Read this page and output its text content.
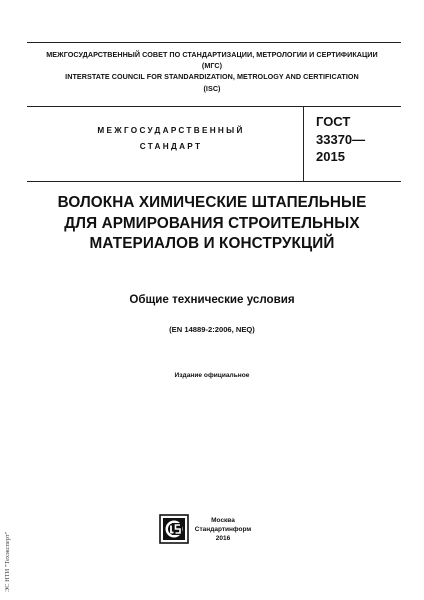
МЕЖГОСУДАРСТВЕННЫЙ СОВЕТ ПО СТАНДАРТИЗАЦИИ, МЕТРОЛОГИИ И СЕРТИФИКАЦИИ
(МГС)
INTERSTATE COUNCIL FOR STANDARDIZATION, METROLOGY AND CERTIFICATION
(ISC)
МЕЖГОСУДАРСТВЕННЫЙ
СТАНДАРТ
ГОСТ
33370—
2015
ВОЛОКНА ХИМИЧЕСКИЕ ШТАПЕЛЬНЫЕ
ДЛЯ АРМИРОВАНИЯ СТРОИТЕЛЬНЫХ
МАТЕРИАЛОВ И КОНСТРУКЦИЙ
Общие технические условия
(EN 14889-2:2006, NEQ)
Издание официальное
Москва
Стандартинформ
2016
ЭС НТИ "Техэксперт"
